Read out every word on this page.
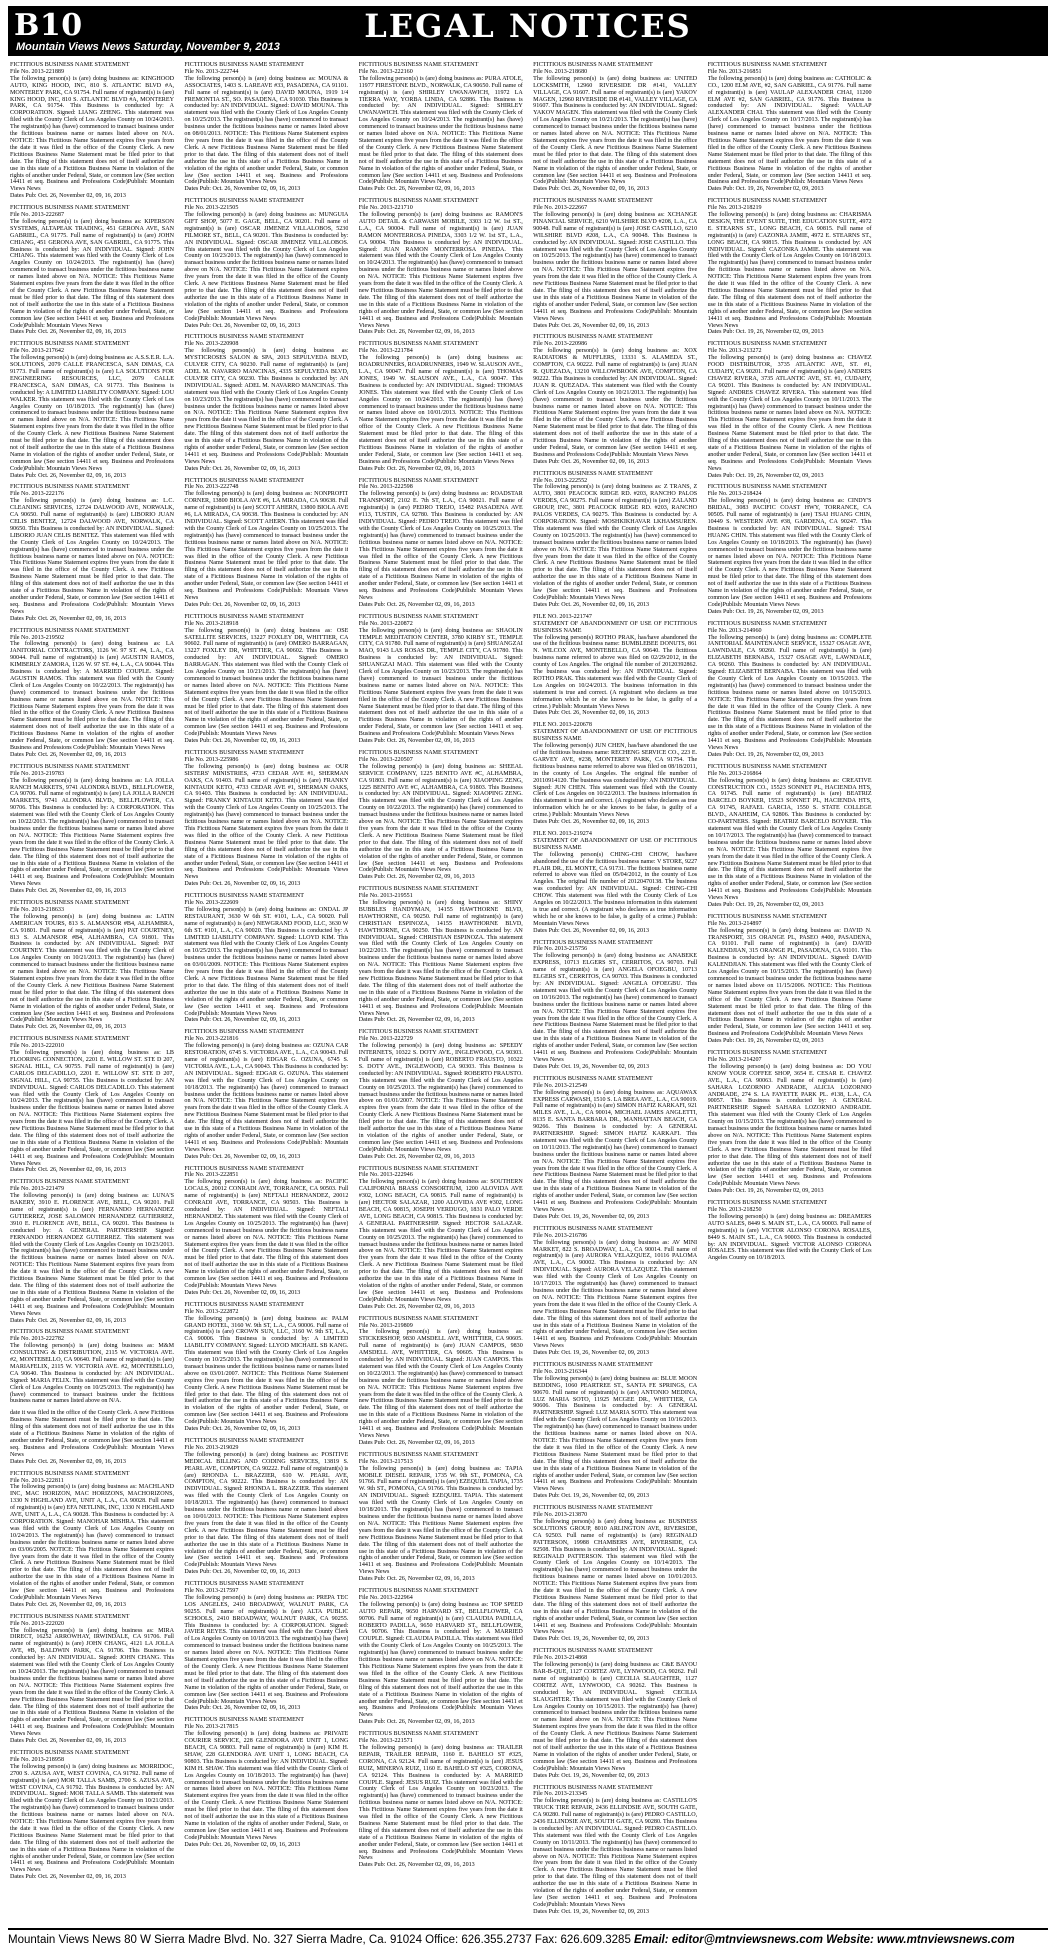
B10	LEGAL NOTICES
Mountain Views News Saturday, November 9, 2013

FICTITIOUS BUSINESS NAME STATEMENT

File No. 2013-221889

The following person(s) is (are) doing business as: KINGHOOD AUTO, KING HOOD, INC, 810 S. ATLANTIC BLVD #A, MONTEREY PARK, CA 91754. Full name of registrant(s) is (are) KING HOOD, INC, 810 S. ATLANTIC BLVD #A, MONTEREY PARK, CA 91754. This Business is conducted by: A CORPORATION. Signed: LIANG ZHENG. This statement was filed with the County Clerk of Los Angeles County on 10/24/2013. The registrant(s) has (have) commenced to transact business under the fictitious business name or names listed above on N/A. NOTICE: This Fictitious Name Statement expires five years from the date it was filed in the office of the County Clerk. A new Fictitious Business Name Statement must be filed prior to that date. The filing of this statement does not of itself authorize the use in this state of a Fictitious Business Name in violation of the rights of another under Federal, State, or common law (See section 14411 et seq. Business and Professions Code)Publish: Mountain Views News

Dates Pub: Oct. 26, November 02, 09, 16, 2013

FICTITIOUS BUSINESS NAME STATEMENT

File No. 2013-222687

The following person(s) is (are) doing business as: KIPERSON SYSTEMS, ALTAPEAK TRADING, 451 GERONA AVE, SAN GABRIEL, CA 91775. Full name of registrant(s) is (are) JOHN CHIANG, 451 GERONA AVE, SAN GABRIEL, CA 91775. This Business is conducted by: AN INDIVIDUAL. Signed: JOHN CHIANG. This statement was filed with the County Clerk of Los Angeles County on 10/24/2013. The registrant(s) has (have) commenced to transact business under the fictitious business name or names listed above on N/A. NOTICE: This Fictitious Name Statement expires five years from the date it was filed in the office of the County Clerk. A new Fictitious Business Name Statement must be filed prior to that date. The filing of this statement does not of itself authorize the use in this state of a Fictitious Business Name in violation of the rights of another under Federal, State, or common law (See section 14411 et seq. Business and Professions Code)Publish: Mountain Views News

Dates Pub: Oct. 26, November 02, 09, 16, 2013

FICTITIOUS BUSINESS NAME STATEMENT

File No. 2013-217642

The following person(s) is (are) doing business as: A.S.S.E.R. L.A. SOLUTIONS, 2079 CALLE FRANCESCA, SAN DIMAS, CA 91773. Full name of registrant(s) is (are) LA SOLUTIONS FOR ENGINEERING RESOURCES, LLC, 2079 CALLE FRANCESCA, SAN DIMAS, CA 91773. This Business is conducted by: A LIMITED LIABILITY COMPANY. Signed: LOU WALKER. This statement was filed with the County Clerk of Los Angeles County on 10/18/2013. The registrant(s) has (have) commenced to transact business under the fictitious business name or names listed above on N/A. NOTICE: This Fictitious Name Statement expires five years from the date it was filed in the office of the County Clerk. A new Fictitious Business Name Statement must be filed prior to that date. The filing of this statement does not of itself authorize the use in this state of a Fictitious Business Name in violation of the rights of another under Federal, State, or common law (See section 14411 et seq. Business and Professions Code)Publish: Mountain Views News

Dates Pub: Oct. 26, November 02, 09, 16, 2013

FICTITIOUS BUSINESS NAME STATEMENT

File No. 2013-222176

The following person(s) is (are) doing business as: L.C. CLEANING SERVICES, 12724 DALWOOD AVE, NORWALK, CA 90650. Full name of registrant(s) is (are) LIBORIO JUAN CELIS BENITEZ, 12724 DALWOOD AVE, NORWALK, CA 90650. This Business is conducted by: AN INDIVIDUAL. Signed: LIBORIO JUAN CELIS BENITEZ. This statement was filed with the County Clerk of Los Angeles County on 10/24/2013. The registrant(s) has (have) commenced to transact business under the fictitious business name or names listed above on N/A. NOTICE: This Fictitious Name Statement expires five years from the date it was filed in the office of the County Clerk. A new Fictitious Business Name Statement must be filed prior to that date. The filing of this statement does not of itself authorize the use in this state of a Fictitious Business Name in violation of the rights of another under Federal, State, or common law (See section 14411 et seq. Business and Professions Code)Publish: Mountain Views News

Dates Pub: Oct. 26, November 02, 09, 16, 2013

FICTITIOUS BUSINESS NAME STATEMENT

File No. 2013-219502

The following person(s) is (are) doing business as: LA JANITORIAL CONTRACTORS, 1126 W. 97 ST. #4, L.A., CA 90044. Full name of registrant(s) is (are) AGUSTIN RAMOS, KIMBERLY ZAMORA, 1126 W. 97 ST. #4, L.A., CA 90044. This Business is conducted by: A MARRIED COUPLE. Signed: AGUSTIN RAMOS. This statement was filed with the County Clerk of Los Angeles County on 10/22/2013. The registrant(s) has (have) commenced to transact business under the fictitious business name or names listed above on N/A. NOTICE: This Fictitious Name Statement expires five years from the date it was filed in the office of the County Clerk. A new Fictitious Business Name Statement must be filed prior to that date. The filing of this statement does not of itself authorize the use in this state of a Fictitious Business Name in violation of the rights of another under Federal, State, or common law (See section 14411 et seq. Business and Professions Code)Publish: Mountain Views News

Dates Pub: Oct. 26, November 02, 09, 16, 2013

FICTITIOUS BUSINESS NAME STATEMENT

File No. 2013-219783

The following person(s) is (are) doing business as: LA JOLLA RANCH MARKETS, 9741 ALONDRA BLVD., BELLFLOWER, CA 90706. Full name of registrant(s) is (are) LA JOLLA RANCH MARKETS, 9741 ALONDRA BLVD., BELLFLOWER, CA 90706. This Business is conducted by: A CORPORATION. This statement was filed with the County Clerk of Los Angeles County on 10/22/2013. The registrant(s) has (have) commenced to transact business under the fictitious business name or names listed above on N/A. NOTICE: This Fictitious Name Statement expires five years from the date it was filed in the office of the County Clerk. A new Fictitious Business Name Statement must be filed prior to that date. The filing of this statement does not of itself authorize the use in this state of a Fictitious Business Name in violation of the rights of another under Federal, State, or common law (See section 14411 et seq. Business and Professions Code)Publish: Mountain Views News

Dates Pub: Oct. 26, November 02, 09, 16, 2013

FICTITIOUS BUSINESS NAME STATEMENT

File No. 2013-218633

The following person(s) is (are) doing business as: LATIN AMERICAN TOURS, 813 S. ALMANSOR #B4, ALHAMBRA, CA 91801. Full name of registrant(s) is (are) PAT COURTNEY, 813 S. ALMANSOR #B4, ALHAMBRA, CA 91801. This Business is conducted by: AN INDIVIDUAL. Signed: PAT COURTNEY. This statement was filed with the County Clerk of Los Angeles County on 10/21/2013. The registrant(s) has (have) commenced to transact business under the fictitious business name or names listed above on N/A. NOTICE: This Fictitious Name Statement expires five years from the date it was filed in the office of the County Clerk. A new Fictitious Business Name Statement must be filed prior to that date. The filing of this statement does not of itself authorize the use in this state of a Fictitious Business Name in violation of the rights of another under Federal, State, or common law (See section 14411 et seq. Business and Professions Code)Publish: Mountain Views News

Dates Pub: Oct. 26, November 02, 09, 16, 2013

FICTITIOUS BUSINESS NAME STATEMENT

File No. 2013-222010

The following person(s) is (are) doing business as: LB FLOORING CONNECTION, 2201 E. WILLOW ST. STE D 207, SIGNAL HILL, CA 90755. Full name of registrant(s) is (are) CARLOS DELCADILLO, 2201 E. WILLOW ST. STE D 207, SIGNAL HILL, CA 90755. This Business is conducted by: AN INDIVIDUAL. Signed: CARLOS DELCADILLO. This statement was filed with the County Clerk of Los Angeles County on 10/24/2013. The registrant(s) has (have) commenced to transact business under the fictitious business name or names listed above on N/A. NOTICE: This Fictitious Name Statement expires five years from the date it was filed in the office of the County Clerk. A new Fictitious Business Name Statement must be filed prior to that date. The filing of this statement does not of itself authorize the use in this state of a Fictitious Business Name in violation of the rights of another under Federal, State, or common law (See section 14411 et seq. Business and Professions Code)Publish: Mountain Views News

Dates Pub: Oct. 26, November 02, 09, 16, 2013

FICTITIOUS BUSINESS NAME STATEMENT

File No. 2013-221479

The following person(s) is (are) doing business as: LUNA'S BAKERY, 3910 E. FLORENCE AVE, BELL, CA 90201. Full name of registrant(s) is (are) FERNANDO HERNANDEZ GUTIERREZ, JOSE SALOMON HERNANDEZ GUTIERREZ, 3910 E. FLORENCE AVE, BELL, CA 90201. This Business is conducted by: A GENERAL PARTNERSHIP. Signed: FERNANDO HERNANDEZ GUTIERREZ. This statement was filed with the County Clerk of Los Angeles County on 10/23/2013. The registrant(s) has (have) commenced to transact business under the fictitious business name or names listed above on N/A. NOTICE: This Fictitious Name Statement expires five years from the date it was filed in the office of the County Clerk. A new Fictitious Business Name Statement must be filed prior to that date. The filing of this statement does not of itself authorize the use in this state of a Fictitious Business Name in violation of the rights of another under Federal, State, or common law (See section 14411 et seq. Business and Professions Code)Publish: Mountain Views News

Dates Pub: Oct. 26, November 02, 09, 16, 2013

FICTITIOUS BUSINESS NAME STATEMENT

File No. 2013-222782

The following person(s) is (are) doing business as: M&M CONSULTING & DISTRIBUTION, 2115 W. VICTORIA AVE. #2, MONTEBELLO, CA 90640. Full name of registrant(s) is (are) MARIAFELIX, 2115 W. VICTORIA AVE. #2, MONTEBELLO, CA 90640. This Business is conducted by: AN INDIVIDUAL. Signed: MARIA FELIX. This statement was filed with the County Clerk of Los Angeles County on 10/25/2013. The registrant(s) has (have) commenced to transact business under the fictitious business name or names listed above on N/A.

date it was filed in the office of the County Clerk. A new Fictitious Business Name Statement must be filed prior to that date. The filing of this statement does not of itself authorize the use in this state of a Fictitious Business Name in violation of the rights of another under Federal, State, or common law (See section 14411 et seq. Business and Professions Code)Publish: Mountain Views News

Dates Pub: Oct. 26, November 02, 09, 16, 2013

FICTITIOUS BUSINESS NAME STATEMENT

File No. 2013-222811

The following person(s) is (are) doing business as: MACHLAND INC, MAC HORIZON, MAC HORIZONS, MACHORIZONS, 1330 N HIGHLAND AVE, UNIT A, L.A., CA 90028. Full name of registrant(s) is (are) EFA NETLINK, INC, 1330 N HIGHLAND AVE, UNIT A, L.A., CA 90028. This Business is conducted by: A CORPORATION. Signed: MANOHAR MISHRA. This statement was filed with the County Clerk of Los Angeles County on 10/24/2013. The registrant(s) has (have) commenced to transact business under the fictitious business name or names listed above on 03/06/2005. NOTICE: This Fictitious Name Statement expires five years from the date it was filed in the office of the County Clerk. A new Fictitious Business Name Statement must be filed prior to that date. The filing of this statement does not of itself authorize the use in this state of a Fictitious Business Name in violation of the rights of another under Federal, State, or common law (See section 14411 et seq. Business and Professions Code)Publish: Mountain Views News

Dates Pub: Oct. 26, November 02, 09, 16, 2013

FICTITIOUS BUSINESS NAME STATEMENT

File No. 2013-222020

The following person(s) is (are) doing business as: MIRA DIRECT, 16252 ARROWHAY, IRWINDALE, CA 91706. Full name of registrant(s) is (are) JOHN CHANG, 4121 LA JOLLA AVE, #B, BALDWIN PARK, CA 91706. This Business is conducted by: AN INDIVIDUAL. Signed: JOHN CHANG. This statement was filed with the County Clerk of Los Angeles County on 10/24/2013. The registrant(s) has (have) commenced to transact business under the fictitious business name or names listed above on N/A. NOTICE: This Fictitious Name Statement expires five years from the date it was filed in the office of the County Clerk. A new Fictitious Business Name Statement must be filed prior to that date. The filing of this statement does not of itself authorize the use in this state of a Fictitious Business Name in violation of the rights of another under Federal, State, or common law (See section 14411 et seq. Business and Professions Code)Publish: Mountain Views News

Dates Pub: Oct. 26, November 02, 09, 16, 2013

FICTITIOUS BUSINESS NAME STATEMENT

File No. 2013-218958

The following person(s) is (are) doing business as: MORRIDOC, 2700 S. AZUSA AVE, WEST COVINA, CA 91792. Full name of registrant(s) is (are) MOR TALLA SAMB, 2700 S. AZUSA AVE, WEST COVINA, CA 91792. This Business is conducted by: AN INDIVIDUAL. Signed: MOR TALLA SAMB. This statement was filed with the County Clerk of Los Angeles County on 10/21/2013. The registrant(s) has (have) commenced to transact business under the fictitious business name or names listed above on N/A. NOTICE: This Fictitious Name Statement expires five years from the date it was filed in the office of the County Clerk. A new Fictitious Business Name Statement must be filed prior to that date. The filing of this statement does not of itself authorize the use in this state of a Fictitious Business Name in violation of the rights of another under Federal, State, or common law (See section 14411 et seq. Business and Professions Code)Publish: Mountain Views News

Dates Pub: Oct. 26, November 02, 09, 16, 2013

FICTITIOUS BUSINESS NAME STATEMENT

File No. 2013-222744

The following person(s) is (are) doing business as: MOUNA & ASSOCIATES, 1403 S. LAREAVE #33, PASADENA, CA 91101. Full name of registrant(s) is (are) DAVID MOUNA, 1919 1/4 FREMONTIA ST., SO. PASADENA, CA 91030. This Business is conducted by: AN INDIVIDUAL. Signed: DAVID MOUNA. This statement was filed with the County Clerk of Los Angeles County on 10/25/2013. The registrant(s) has (have) commenced to transact business under the fictitious business name or names listed above on 08/01/2013. NOTICE: This Fictitious Name Statement expires five years from the date it was filed in the office of the County Clerk. A new Fictitious Business Name Statement must be filed prior to that date. The filing of this statement does not of itself authorize the use in this state of a Fictitious Business Name in violation of the rights of another under Federal, State, or common law (See section 14411 et seq. Business and Professions Code)Publish: Mountain Views News

Dates Pub: Oct. 26, November 02, 09, 16, 2013

FICTITIOUS BUSINESS NAME STATEMENT

File No. 2013-221505

The following person(s) is (are) doing business as: MUNGUIA GIFT SHOP, 5077 E. GAGE, BELL, CA 90201. Full name of registrant(s) is (are) OSCAR JIMENEZ VILLALOBOS, 5230 FILMORE ST., BELL, CA 90201. This Business is conducted by: AN INDIVIDUAL. Signed: OSCAR JIMENEZ VILLALOBOS. This statement was filed with the County Clerk of Los Angeles County on 10/23/2013. The registrant(s) has (have) commenced to transact business under the fictitious business name or names listed above on N/A. NOTICE: This Fictitious Name Statement expires five years from the date it was filed in the office of the County Clerk. A new Fictitious Business Name Statement must be filed prior to that date. The filing of this statement does not of itself authorize the use in this state of a Fictitious Business Name in violation of the rights of another under Federal, State, or common law (See section 14411 et seq. Business and Professions Code)Publish: Mountain Views News

Dates Pub: Oct. 26, November 02, 09, 16, 2013

FICTITIOUS BUSINESS NAME STATEMENT

File No. 2013-220908

The following person(s) is (are) doing business as: MYSTICROSES SALON & SPA, 2013 SEPULVEDA BLVD, CULVER CITY, CA 90230. Full name of registrant(s) is (are) ADEL M. NAVARRO MANCINAS, 4335 SEPULVEDA BLVD, CULVER CITY, CA 90230. This Business is conducted by: AN INDIVIDUAL. Signed: ADEL M. NAVARRO MANCINAS. This statement was filed with the County Clerk of Los Angeles County on 10/23/2013. The registrant(s) has (have) commenced to transact business under the fictitious business name or names listed above on N/A. NOTICE: This Fictitious Name Statement expires five years from the date it was filed in the office of the County Clerk. A new Fictitious Business Name Statement must be filed prior to that date. The filing of this statement does not of itself authorize the use in this state of a Fictitious Business Name in violation of the rights of another under Federal, State, or common law (See section 14411 et seq. Business and Professions Code)Publish: Mountain Views News

Dates Pub: Oct. 26, November 02, 09, 16, 2013

FICTITIOUS BUSINESS NAME STATEMENT

File No. 2013-222748

The following person(s) is (are) doing business as: NONPROFIT CORNER, 13800 BIOLA AVE #6, LA MIRADA, CA 90638. Full name of registrant(s) is (are) SCOTT AHERN, 13800 BIOLA AVE #6, LA MIRADA, CA 90638. This Business is conducted by: AN INDIVIDUAL. Signed: SCOTT AHERN. This statement was filed with the County Clerk of Los Angeles County on 10/25/2013. The registrant(s) has (have) commenced to transact business under the fictitious business name or names listed above on N/A. NOTICE: This Fictitious Name Statement expires five years from the date it was filed in the office of the County Clerk. A new Fictitious Business Name Statement must be filed prior to that date. The filing of this statement does not of itself authorize the use in this state of a Fictitious Business Name in violation of the rights of another under Federal, State, or common law (See section 14411 et seq. Business and Professions Code)Publish: Mountain Views News

Dates Pub: Oct. 26, November 02, 09, 16, 2013

FICTITIOUS BUSINESS NAME STATEMENT

File No. 2013-218918

The following person(s) is (are) doing business as: OSE SATELLITE SERVICES, 13227 FOXLEY DR, WHITTIER, CA 90602. Full name of registrant(s) is (are) OMERO BARRAGAN, 13227 FOXLEY DR, WHITTIER, CA 90602. This Business is conducted by: AN INDIVIDUAL. Signed: OMERO BARRAGAN. This statement was filed with the County Clerk of Los Angeles County on 10/21/2013. The registrant(s) has (have) commenced to transact business under the fictitious business name or names listed above on N/A. NOTICE: This Fictitious Name Statement expires five years from the date it was filed in the office of the County Clerk. A new Fictitious Business Name Statement must be filed prior to that date. The filing of this statement does not of itself authorize the use in this state of a Fictitious Business Name in violation of the rights of another under Federal, State, or common law (See section 14411 et seq. Business and Professions Code)Publish: Mountain Views News

Dates Pub: Oct. 26, November 02, 09, 16, 2013

FICTITIOUS BUSINESS NAME STATEMENT

File No. 2013-225986

The following person(s) is (are) doing business as: OUR SISTERS' MINISTRIES, 4733 CEDAR AVE #1, SHERMAN OAKS, CA 91403. Full name of registrant(s) is (are) FRANKY KINTAUDI KETO, 4733 CEDAR AVE #1, SHERMAN OAKS, CA 91403. This Business is conducted by: AN INDIVIDUAL. Signed: FRANKY KINTAUDI KETO. This statement was filed with the County Clerk of Los Angeles County on 10/25/2013. The registrant(s) has (have) commenced to transact business under the fictitious business name or names listed above on N/A. NOTICE: This Fictitious Name Statement expires five years from the date it was filed in the office of the County Clerk. A new Fictitious Business Name Statement must be filed prior to that date. The filing of this statement does not of itself authorize the use in this state of a Fictitious Business Name in violation of the rights of another under Federal, State, or common law (See section 14411 et seq. Business and Professions Code)Publish: Mountain Views News

Dates Pub: Oct. 26, November 02, 09, 16, 2013

FICTITIOUS BUSINESS NAME STATEMENT

File No. 2013-222609

The following person(s) is (are) doing business as: ONDAL JP RESTAURANT, 3630 W 6th ST. #101, L.A., CA 90020. Full name of registrant(s) is (are) NEWGRAND FOOD, LLC, 3630 W 6th ST. #101, L.A., CA 90020. This Business is conducted by: A LIMITED LIABILITY COMPANY. Signed: LLOYD KIM. This statement was filed with the County Clerk of Los Angeles County on 10/25/2013. The registrant(s) has (have) commenced to transact business under the fictitious business name or names listed above on 03/01/2009. NOTICE: This Fictitious Name Statement expires five years from the date it was filed in the office of the County Clerk. A new Fictitious Business Name Statement must be filed prior to that date. The filing of this statement does not of itself authorize the use in this state of a Fictitious Business Name in violation of the rights of another under Federal, State, or common law (See section 14411 et seq. Business and Professions Code)Publish: Mountain Views News

Dates Pub: Oct. 26, November 02, 09, 16, 2013

FICTITIOUS BUSINESS NAME STATEMENT

File No. 2013-221816

The following person(s) is (are) doing business as: OZUNA CAR RESTORATION, 6745 S. VICTORIA AVE., L.A., CA 90043. Full name of registrant(s) is (are) EDGAR G. OZUNA, 6745 S. VICTORIA AVE., L.A., CA 90043. This Business is conducted by: AN INDIVIDUAL. Signed: EDGAR G. OZUNA. This statement was filed with the County Clerk of Los Angeles County on 10/18/2013. The registrant(s) has (have) commenced to transact business under the fictitious business name or names listed above on N/A. NOTICE: This Fictitious Name Statement expires five years from the date it was filed in the office of the County Clerk. A new Fictitious Business Name Statement must be filed prior to that date. The filing of this statement does not of itself authorize the use in this state of a Fictitious Business Name in violation of the rights of another under Federal, State, or common law (See section 14411 et seq. Business and Professions Code)Publish: Mountain Views News

Dates Pub: Oct. 26, November 02, 09, 16, 2013

FICTITIOUS BUSINESS NAME STATEMENT

File No. 2013-222851

The following person(s) is (are) doing business as: PACIFIC LOCALS, 20012 CONRADI AVE, TORRANCE, CA 90503. Full name of registrant(s) is (are) NEFTALI HERNANDEZ, 20012 CONRADI AVE, TORRANCE, CA 90503. This Business is conducted by: AN INDIVIDUAL. Signed: NEFTALI HERNANDEZ. This statement was filed with the County Clerk of Los Angeles County on 10/25/2013. The registrant(s) has (have) commenced to transact business under the fictitious business name or names listed above on N/A. NOTICE: This Fictitious Name Statement expires five years from the date it was filed in the office of the County Clerk. A new Fictitious Business Name Statement must be filed prior to that date. The filing of this statement does not of itself authorize the use in this state of a Fictitious Business Name in violation of the rights of another under Federal, State, or common law (See section 14411 et seq. Business and Professions Code)Publish: Mountain Views News

Dates Pub: Oct. 26, November 02, 09, 16, 2013

FICTITIOUS BUSINESS NAME STATEMENT

File No. 2013-222872

The following person(s) is (are) doing business as: PALM GRAND HOTEL, 3160 W. 9th ST, L.A., CA 90006. Full name of registrant(s) is (are) CROWN SUN, LLC, 3160 W. 9th ST, L.A., CA 90006. This Business is conducted by: A LIMITED LIABILITY COMPANY. Signed: LLYOD MICHAEL SB KANG. This statement was filed with the County Clerk of Los Angeles County on 10/25/2013. The registrant(s) has (have) commenced to transact business under the fictitious business name or names listed above on 03/01/2007. NOTICE: This Fictitious Name Statement expires five years from the date it was filed in the office of the County Clerk. A new Fictitious Business Name Statement must be filed prior to that date. The filing of this statement does not of itself authorize the use in this state of a Fictitious Business Name in violation of the rights of another under Federal, State, or common law (See section 14411 et seq. Business and Professions Code)Publish: Mountain Views News

Dates Pub: Oct. 26, November 02, 09, 16, 2013

FICTITIOUS BUSINESS NAME STATEMENT

File No. 2013-219029

The following person(s) is (are) doing business as: POSITIVE MEDICAL BILLING AND CODING SERVICES, 13819 S. PEARL AVE, COMPTON, CA 90222. Full name of registrant(s) is (are) RHONDA L. BRAZZIER, 610 W. PEARL AVE, COMPTON, CA 90222. This Business is conducted by: AN INDIVIDUAL. Signed: RHONDA L. BRAZZIER. This statement was filed with the County Clerk of Los Angeles County on 10/18/2013. The registrant(s) has (have) commenced to transact business under the fictitious business name or names listed above on 10/01/2013. NOTICE: This Fictitious Name Statement expires five years from the date it was filed in the office of the County Clerk. A new Fictitious Business Name Statement must be filed prior to that date. The filing of this statement does not of itself authorize the use in this state of a Fictitious Business Name in violation of the rights of another under Federal, State, or common law (See section 14411 et seq. Business and Professions Code)Publish: Mountain Views News

Dates Pub: Oct. 26, November 02, 09, 16, 2013

FICTITIOUS BUSINESS NAME STATEMENT

File No. 2013-217597

The following person(s) is (are) doing business as: PREPA TEC LOS ANGELES, 2410 BROADWAY, WALNUT PARK, CA 90255. Full name of registrant(s) is (are) ALTA PUBLIC SCHOOLS, 2410 BROADWAY, WALNUT PARK, CA 90255. This Business is conducted by: A CORPORATION. Signed: JAVIER REYES. This statement was filed with the County Clerk of Los Angeles County on 10/18/2013. The registrant(s) has (have) commenced to transact business under the fictitious business name or names listed above on N/A. NOTICE: This Fictitious Name Statement expires five years from the date it was filed in the office of the County Clerk. A new Fictitious Business Name Statement must be filed prior to that date. The filing of this statement does not of itself authorize the use in this state of a Fictitious Business Name in violation of the rights of another under Federal, State, or common law (See section 14411 et seq. Business and Professions Code)Publish: Mountain Views News

Dates Pub: Oct. 26, November 02, 09, 16, 2013

FICTITIOUS BUSINESS NAME STATEMENT

File No. 2013-217815

The following person(s) is (are) doing business as: PRIVATE COURIER SERVICE, 228 GLENDORA AVE UNIT 1, LONG BEACH, CA 90803. Full name of registrant(s) is (are) KIM H. SHAW, 228 GLENDORA AVE UNIT 1, LONG BEACH, CA 90803. This Business is conducted by: AN INDIVIDUAL. Signed: KIM H. SHAW. This statement was filed with the County Clerk of Los Angeles County on 10/18/2013. The registrant(s) has (have) commenced to transact business under the fictitious business name or names listed above on N/A. NOTICE: This Fictitious Name Statement expires five years from the date it was filed in the office of the County Clerk. A new Fictitious Business Name Statement must be filed prior to that date. The filing of this statement does not of itself authorize the use in this state of a Fictitious Business Name in violation of the rights of another under Federal, State, or common law (See section 14411 et seq. Business and Professions Code)Publish: Mountain Views News

Dates Pub: Oct. 26, November 02, 09, 16, 2013

FICTITIOUS BUSINESS NAME STATEMENT

File No. 2013-222160

The following person(s) is (are) doing business as: PURA ATOLE, 11977 FIRESTONE BLVD., NORWALK, CA 90650. Full name of registrant(s) is (are) SHIRLEY UWANAWICH, 11972 LA TIERRA WAY, YORBA LINDA, CA 92886. This Business is conducted by: AN INDIVIDUAL. Signed: SHIRLEY UWANAWICH. This statement was filed with the County Clerk of Los Angeles County on 10/24/2013. The registrant(s) has (have) commenced to transact business under the fictitious business name or names listed above on N/A. NOTICE: This Fictitious Name Statement expires five years from the date it was filed in the office of the County Clerk. A new Fictitious Business Name Statement must be filed prior to that date. The filing of this statement does not of itself authorize the use in this state of a Fictitious Business Name in violation of the rights of another under Federal, State, or common law (See section 14411 et seq. Business and Professions Code)Publish: Mountain Views News

Dates Pub: Oct. 26, November 02, 09, 16, 2013

FICTITIOUS BUSINESS NAME STATEMENT

File No. 2013-221710

The following person(s) is (are) doing business as: RAMON'S AUTO DETAIL & CARWASH MOBILE, 3303 1/2 W. 1st ST., L.A., CA 90004. Full name of registrant(s) is (are) JUAN RAMON MONTERROSA PINEDA, 3303 1/2 W. 1st ST., L.A., CA 90004. This Business is conducted by: AN INDIVIDUAL. Signed: JUAN RAMON MONTERROSA PINEDA. This statement was filed with the County Clerk of Los Angeles County on 10/24/2013. The registrant(s) has (have) commenced to transact business under the fictitious business name or names listed above on N/A. NOTICE: This Fictitious Name Statement expires five years from the date it was filed in the office of the County Clerk. A new Fictitious Business Name Statement must be filed prior to that date. The filing of this statement does not of itself authorize the use in this state of a Fictitious Business Name in violation of the rights of another under Federal, State, or common law (See section 14411 et seq. Business and Professions Code)Publish: Mountain Views News

Dates Pub: Oct. 26, November 02, 09, 16, 2013

FICTITIOUS BUSINESS NAME STATEMENT

File No. 2013-221784

The following person(s) is (are) doing business as: ROADRUNNERS, ROADRUNNERS, 1949 W. SLAUSON AVE., L.A., CA 90047. Full name of registrant(s) is (are) THOMAS JONES, 1949 W. SLAUSON AVE., L.A., CA 90047. This Business is conducted by: AN INDIVIDUAL. Signed: THOMAS JONES. This statement was filed with the County Clerk of Los Angeles County on 10/24/2013. The registrant(s) has (have) commenced to transact business under the fictitious business name or names listed above on 10/01/2013. NOTICE: This Fictitious Name Statement expires five years from the date it was filed in the office of the County Clerk. A new Fictitious Business Name Statement must be filed prior to that date. The filing of this statement does not of itself authorize the use in this state of a Fictitious Business Name in violation of the rights of another under Federal, State, or common law (See section 14411 et seq. Business and Professions Code)Publish: Mountain Views News

Dates Pub: Oct. 26, November 02, 09, 16, 2013

FICTITIOUS BUSINESS NAME STATEMENT

File No. 2013-222598

The following person(s) is (are) doing business as: ROADSTAR TRANSPORT, 2102 E. 7th ST, L.A., CA 90021. Full name of registrant(s) is (are) PEDRO TREJO, 15482 PASADENA AVE #113, TUSTIN, CA 92780. This Business is conducted by: AN INDIVIDUAL. Signed: PEDRO TREJO. This statement was filed with the County Clerk of Los Angeles County on 10/25/2013. The registrant(s) has (have) commenced to transact business under the fictitious business name or names listed above on N/A. NOTICE: This Fictitious Name Statement expires five years from the date it was filed in the office of the County Clerk. A new Fictitious Business Name Statement must be filed prior to that date. The filing of this statement does not of itself authorize the use in this state of a Fictitious Business Name in violation of the rights of another under Federal, State, or common law (See section 14411 et seq. Business and Professions Code)Publish: Mountain Views News

Dates Pub: Oct. 26, November 02, 09, 16, 2013

FICTITIOUS BUSINESS NAME STATEMENT

File No. 2013-220872

The following person(s) is (are) doing business as: SHAOLIN TEMPLE MEDITATION CENTER, 3780 KIRBY ST., TEMPLE CITY, CA 91780. Full name of registrant(s) is (are) SHUANGZAI MAO, 9143 LAS ROSAS DR., TEMPLE CITY, CA 91780. This Business is conducted by: AN INDIVIDUAL. Signed: SHUANGZAI MAO. This statement was filed with the County Clerk of Los Angeles County on 10/23/2013. The registrant(s) has (have) commenced to transact business under the fictitious business name or names listed above on N/A. NOTICE: This Fictitious Name Statement expires five years from the date it was filed in the office of the County Clerk. A new Fictitious Business Name Statement must be filed prior to that date. The filing of this statement does not of itself authorize the use in this state of a Fictitious Business Name in violation of the rights of another under Federal, State, or common law (See section 14411 et seq. Business and Professions Code)Publish: Mountain Views News

Dates Pub: Oct. 26, November 02, 09, 16, 2013

FICTITIOUS BUSINESS NAME STATEMENT

File No. 2013-220507

The following person(s) is (are) doing business as: SHEEAL SERVICE COMPANY, 1225 BENITO AVE #C, ALHAMBRA, CA 91803. Full name of registrant(s) is (are) XIAOPING ZENG, 1225 BENITO AVE #C, ALHAMBRA, CA 91803. This Business is conducted by: AN INDIVIDUAL. Signed: XIAOPING ZENG. This statement was filed with the County Clerk of Los Angeles County on 10/22/2013. The registrant(s) has (have) commenced to transact business under the fictitious business name or names listed above on N/A. NOTICE: This Fictitious Name Statement expires five years from the date it was filed in the office of the County Clerk. A new Fictitious Business Name Statement must be filed prior to that date. The filing of this statement does not of itself authorize the use in this state of a Fictitious Business Name in violation of the rights of another under Federal, State, or common law (See section 14411 et seq. Business and Professions Code)Publish: Mountain Views News

Dates Pub: Oct. 26, November 02, 09, 16, 2013

FICTITIOUS BUSINESS NAME STATEMENT

File No. 2013-219551

The following person(s) is (are) doing business as: SHINY BUBBLES HANDYMAN, 14155 HAWTHORNE BLVD, HAWTHORNE, CA 90250. Full name of registrant(s) is (are) CHRISTIAN ESPINOZA, 14155 HAWTHORNE BLVD, HAWTHORNE, CA 90250. This Business is conducted by: AN INDIVIDUAL. Signed: CHRISTIAN ESPINOZA. This statement was filed with the County Clerk of Los Angeles County on 10/22/2013. The registrant(s) has (have) commenced to transact business under the fictitious business name or names listed above on N/A. NOTICE: This Fictitious Name Statement expires five years from the date it was filed in the office of the County Clerk. A new Fictitious Business Name Statement must be filed prior to that date. The filing of this statement does not of itself authorize the use in this state of a Fictitious Business Name in violation of the rights of another under Federal, State, or common law (See section 14411 et seq. Business and Professions Code)Publish: Mountain Views News

Dates Pub: Oct. 26, November 02, 09, 16, 2013

FICTITIOUS BUSINESS NAME STATEMENT

File No. 2013-222729

The following person(s) is (are) doing business as: SPEEDY INTERNETS, 10322 S. DOTY AVE., INGLEWOOD, CA 90303. Full name of registrant(s) is (are) ROBERTO FRAUSTO, 10322 S. DOTY AVE., INGLEWOOD, CA 90303. This Business is conducted by: AN INDIVIDUAL. Signed: ROBERTO FRAUSTO. This statement was filed with the County Clerk of Los Angeles County on 10/25/2013. The registrant(s) has (have) commenced to transact business under the fictitious business name or names listed above on 01/01/2007. NOTICE: This Fictitious Name Statement expires five years from the date it was filed in the office of the County Clerk. A new Fictitious Business Name Statement must be filed prior to that date. The filing of this statement does not of itself authorize the use in this state of a Fictitious Business Name in violation of the rights of another under Federal, State, or common law (See section 14411 et seq. Business and Professions Code)Publish: Mountain Views News

Dates Pub: Oct. 26, November 02, 09, 16, 2013

FICTITIOUS BUSINESS NAME STATEMENT

File No. 2013-222946

The following person(s) is (are) doing business as: SOUTHERN CALIFORNIA BRASS CONSORTIUM, 1200 ALOVIDA AVE #302, LONG BEACH, CA 90815. Full name of registrant(s) is (are) HECTOR SALAZAR, 1200 ALOVIDA AVE #302, LONG BEACH, CA 90815, JOSEPH VERDUGO, 1831 PALO VERDE AVE, LONG BEACH, CA 90815. This Business is conducted by: A GENERAL PARTNERSHIP. Signed: HECTOR SALAZAR. This statement was filed with the County Clerk of Los Angeles County on 10/25/2013. The registrant(s) has (have) commenced to transact business under the fictitious business name or names listed above on N/A. NOTICE: This Fictitious Name Statement expires five years from the date it was filed in the office of the County Clerk. A new Fictitious Business Name Statement must be filed prior to that date. The filing of this statement does not of itself authorize the use in this state of a Fictitious Business Name in violation of the rights of another under Federal, State, or common law (See section 14411 et seq. Business and Professions Code)Publish: Mountain Views News

Dates Pub: Oct. 26, November 02, 09, 16, 2013

FICTITIOUS BUSINESS NAME STATEMENT

File No. 2013-219809

The following person(s) is (are) doing business as: STICKERSHOP, 9830 AMSDELL AVE, WHITTIER, CA 90605. Full name of registrant(s) is (are) JUAN CAMPOS, 9830 AMSDELL AVE, WHITTIER, CA 90605. This Business is conducted by: AN INDIVIDUAL. Signed: JUAN CAMPOS. This statement was filed with the County Clerk of Los Angeles County on 10/22/2013. The registrant(s) has (have) commenced to transact business under the fictitious business name or names listed above on N/A. NOTICE: This Fictitious Name Statement expires five years from the date it was filed in the office of the County Clerk. A new Fictitious Business Name Statement must be filed prior to that date. The filing of this statement does not of itself authorize the use in this state of a Fictitious Business Name in violation of the rights of another under Federal, State, or common law (See section 14411 et seq. Business and Professions Code)Publish: Mountain Views News

Dates Pub: Oct. 26, November 02, 09, 16, 2013

FICTITIOUS BUSINESS NAME STATEMENT

File No. 2013-217513

The following person(s) is (are) doing business as: TAPIA MOBILE DIESEL REPAIR, 1735 W. 9th ST., POMONA, CA 91766. Full name of registrant(s) is (are) EZEQUIEL TAPIA, 1735 W. 9th ST., POMONA, CA 91766. This Business is conducted by: AN INDIVIDUAL. Signed: EZEQUIEL TAPIA. This statement was filed with the County Clerk of Los Angeles County on 10/18/2013. The registrant(s) has (have) commenced to transact business under the fictitious business name or names listed above on N/A. NOTICE: This Fictitious Name Statement expires five years from the date it was filed in the office of the County Clerk. A new Fictitious Business Name Statement must be filed prior to that date. The filing of this statement does not of itself authorize the use in this state of a Fictitious Business Name in violation of the rights of another under Federal, State, or common law (See section 14411 et seq. Business and Professions Code)Publish: Mountain Views News

Dates Pub: Oct. 26, November 02, 09, 16, 2013

FICTITIOUS BUSINESS NAME STATEMENT

File No. 2013-222964

The following person(s) is (are) doing business as: TOP SPEED AUTO REPAIR, 9650 HARVARD ST., BELLFLOWER, CA 90706. Full name of registrant(s) is (are) CLAUDIA PADILLA, ROBERTO PADILLA, 9650 HARVARD ST., BELLFLOWER, CA 90706. This Business is conducted by: A MARRIED COUPLE. Signed: CLAUDIA PADILLA. This statement was filed with the County Clerk of Los Angeles County on 10/25/2013. The registrant(s) has (have) commenced to transact business under the fictitious business name or names listed above on N/A. NOTICE: This Fictitious Name Statement expires five years from the date it was filed in the office of the County Clerk. A new Fictitious Business Name Statement must be filed prior to that date. The filing of this statement does not of itself authorize the use in this state of a Fictitious Business Name in violation of the rights of another under Federal, State, or common law (See section 14411 et seq. Business and Professions Code)Publish: Mountain Views News

Dates Pub: Oct. 26, November 02, 09, 16, 2013

FICTITIOUS BUSINESS NAME STATEMENT

File No. 2013-221571

The following person(s) is (are) doing business as: TRAILER REPAIR, TRAILER REPAIR, 1160 E. BAHELO ST #325, CORONA, CA 92124. Full name of registrant(s) is (are) JESUS RUIZ, MINERVA RUIZ, 1160 E. BAHELO ST #325, CORONA, CA 92124. This Business is conducted by: A MARRIED COUPLE. Signed: JESUS RUIZ. This statement was filed with the County Clerk of Los Angeles County on 10/23/2013. The registrant(s) has (have) commenced to transact business under the fictitious business name or names listed above on N/A. NOTICE: This Fictitious Name Statement expires five years from the date it was filed in the office of the County Clerk. A new Fictitious Business Name Statement must be filed prior to that date. The filing of this statement does not of itself authorize the use in this state of a Fictitious Business Name in violation of the rights of another under Federal, State, or common law (See section 14411 et seq. Business and Professions Code)Publish: Mountain Views News

Dates Pub: Oct. 26, November 02, 09, 16, 2013

FICTITIOUS BUSINESS NAME STATEMENT

File No. 2013-218680

The following person(s) is (are) doing business as: UNITED LOCKSMITH, 12960 RIVERSIDE DR #141, VALLEY VILLAGE, CA 91607. Full name of registrant(s) is (are) YAKOV MAGEN, 12960 RIVERSIDE DR #141, VALLEY VILLAGE, CA 91607. This Business is conducted by: AN INDIVIDUAL. Signed: YAKOV MAGEN. This statement was filed with the County Clerk of Los Angeles County on 10/21/2013. The registrant(s) has (have) commenced to transact business under the fictitious business name or names listed above on N/A. NOTICE: This Fictitious Name Statement expires five years from the date it was filed in the office of the County Clerk. A new Fictitious Business Name Statement must be filed prior to that date. The filing of this statement does not of itself authorize the use in this state of a Fictitious Business Name in violation of the rights of another under Federal, State, or common law (See section 14411 et seq. Business and Professions Code)Publish: Mountain Views News

Dates Pub: Oct. 26, November 02, 09, 16, 2013

FICTITIOUS BUSINESS NAME STATEMENT

File No. 2013-222667

The following person(s) is (are) doing business as: XCHANGE FINANCIAL SERVICE, 6210 WILSHIRE BLVD #208, L.A., CA 90048. Full name of registrant(s) is (are) JOSE CASTILLO, 6210 WILSHIRE BLVD #208, L.A., CA 90048. This Business is conducted by: AN INDIVIDUAL. Signed: JOSE CASTILLO. This statement was filed with the County Clerk of Los Angeles County on 10/25/2013. The registrant(s) has (have) commenced to transact business under the fictitious business name or names listed above on N/A. NOTICE: This Fictitious Name Statement expires five years from the date it was filed in the office of the County Clerk. A new Fictitious Business Name Statement must be filed prior to that date. The filing of this statement does not of itself authorize the use in this state of a Fictitious Business Name in violation of the rights of another under Federal, State, or common law (See section 14411 et seq. Business and Professions Code)Publish: Mountain Views News

Dates Pub: Oct. 26, November 02, 09, 16, 2013

FICTITIOUS BUSINESS NAME STATEMENT

File No. 2013-220986

The following person(s) is (are) doing business as: XOX RADIATORS & MUFFLERS, 13331 S. ALAMEDA ST., COMPTON, CA 90222. Full name of registrant(s) is (are) JUAN R. QUEZADA, 13210 WILLOWBROOK AVE, COMPTON, CA 90222. This Business is conducted by: AN INDIVIDUAL. Signed: JUAN R. QUEZADA. This statement was filed with the County Clerk of Los Angeles County on 10/21/2013. The registrant(s) has (have) commenced to transact business under the fictitious business name or names listed above on N/A. NOTICE: This Fictitious Name Statement expires five years from the date it was filed in the office of the County Clerk. A new Fictitious Business Name Statement must be filed prior to that date. The filing of this statement does not of itself authorize the use in this state of a Fictitious Business Name in violation of the rights of another under Federal, State, or common law (See section 14411 et seq. Business and Professions Code)Publish: Mountain Views News

Dates Pub: Oct. 26, November 02, 09, 16, 2013

FICTITIOUS BUSINESS NAME STATEMENT

File No. 2013-222552

The following person(s) is (are) doing business as: Z TRANS, Z AUTO, 3801 PEACOCK RIDGE RD. #203, RANCHO PALOS VERDES, CA 90275. Full name of registrant(s) is (are) ZALAND GROUP, INC, 3801 PEACOCK RIDGE RD. #203, RANCHO PALOS VERDES, CA 90275. This Business is conducted by: A CORPORATION. Signed: MOSHKIKHAVAR LKHAMSUREN. This statement was filed with the County Clerk of Los Angeles County on 10/25/2013. The registrant(s) has (have) commenced to transact business under the fictitious business name or names listed above on N/A. NOTICE: This Fictitious Name Statement expires five years from the date it was filed in the office of the County Clerk. A new Fictitious Business Name Statement must be filed prior to that date. The filing of this statement does not of itself authorize the use in this state of a Fictitious Business Name in violation of the rights of another under Federal, State, or common law (See section 14411 et seq. Business and Professions Code)Publish: Mountain Views News

Dates Pub: Oct. 26, November 02, 09, 16, 2013

FILE NO. 2013-221747

STATEMENT OF ABANDONMENT OF USE OF FICTITIOUS BUSINESS NAME

The following person(s) ROTHO PRAK, has/have abandoned the use of the fictitious business name: BUMBLEBEE DONUTS, 861 N. WILCOX AVE, MONTEBELLO, CA 90640. The fictitious business name referred to above was filed on 02/29/2012, in the county of Los Angeles. The original file number of 20120392862. The business was conducted by: AN INDIVIDUAL. Signed: ROTHO PRAK. This statement was filed with the County Clerk of Los Angeles on 10/24/2013. The business information in this statement is true and correct. (A registrant who declares as true information which he or she knows to be false, is guilty of a crime.) Publish: Mountain Views News

Dates Pub: Oct. 26, November 02, 09, 16, 2013

FILE NO. 2013-220678

STATEMENT OF ABANDONMENT OF USE OF FICTITIOUS BUSINESS NAME

The following person(s) JUN CHEN, has/have abandoned the use of the fictitious business name: RECHENG SERVICE CO., 223 E. GARVEY AVE, #238, MONTEREY PARK, CA 91754. The fictitious business name referred to above was filed on 08/18/2011, in the county of Los Angeles. The original file number of 20110914120. The business was conducted by: AN INDIVIDUAL. Signed: JUN CHEN. This statement was filed with the County Clerk of Los Angeles on 10/22/2013. The business information in this statement is true and correct. (A registrant who declares as true information which he or she knows to be false, is guilty of a crime.) Publish: Mountain Views News

Dates Pub: Oct. 26, November 02, 09, 16, 2013

FILE NO. 2013-219274

STATEMENT OF ABANDONMENT OF USE OF FICTITIOUS BUSINESS NAME

The following person(s) CHING-CHI CHOW, has/have abandoned the use of the fictitious business name: V STORE, 9227 FLAIR DR., EL MONTE, CA 91731. The fictitious business name referred to above was filed on 05/04/2012, in the county of Los Angeles. The original file number of 20120470138. The business was conducted by: AN INDIVIDUAL. Signed: CHING-CHI CHOW. This statement was filed with the County Clerk of Los Angeles on 10/22/2013. The business information in this statement is true and correct. (A registrant who declares as true information which he or she knows to be false, is guilty of a crime.) Publish: Mountain Views News

Dates Pub: Oct. 26, November 02, 09, 16, 2013

FICTITIOUS BUSINESS NAME STATEMENT

File No. 2013-215756

The following person(s) is (are) doing business as: ANABEKE EXPRESS, 10713 ELGERS ST., CERRITOS, CA 90703. Full name of registrant(s) is (are) ANGELA OFOEGBU, 10713 ELGERS ST., CERRITOS, CA 90703. This Business is conducted by: AN INDIVIDUAL. Signed: ANGELA OFOEGBU. This statement was filed with the County Clerk of Los Angeles County on 10/16/2013. The registrant(s) has (have) commenced to transact business under the fictitious business name or names listed above on N/A. NOTICE: This Fictitious Name Statement expires five years from the date it was filed in the office of the County Clerk. A new Fictitious Business Name Statement must be filed prior to that date. The filing of this statement does not of itself authorize the use in this state of a Fictitious Business Name in violation of the rights of another under Federal, State, or common law (See section 14411 et seq. Business and Professions Code)Publish: Mountain Views News

Dates Pub: Oct. 19, 26, November 02, 09, 2013

FICTITIOUS BUSINESS NAME STATEMENT

File No. 2013-212549

The following person(s) is (are) doing business as: AQUAWAX EXPRESS CARWASH, 1510 S. LA BREA AVE., L.A., CA 90019. Full name of registrant(s) is (are) SIMON HAFIZ KARKAFI, 921 MILES AVE., L.A., CA 90014, MICHAEL JAMES ANGLETTI, 8135 E. SANTA BARBARA DR., MANHATTAN BEACH, CA 90266. This Business is conducted by: A GENERAL PARTNERSHIP. Signed: SIMON HAFIZ KARKAFI. This statement was filed with the County Clerk of Los Angeles County on 10/11/2013. The registrant(s) has (have) commenced to transact business under the fictitious business name or names listed above on N/A. NOTICE: This Fictitious Name Statement expires five years from the date it was filed in the office of the County Clerk. A new Fictitious Business Name Statement must be filed prior to that date. The filing of this statement does not of itself authorize the use in this state of a Fictitious Business Name in violation of the rights of another under Federal, State, or common law (See section 14411 et seq. Business and Professions Code)Publish: Mountain Views News

Dates Pub: Oct. 19, 26, November 02, 09, 2013

FICTITIOUS BUSINESS NAME STATEMENT

File No. 2013-216786

The following person(s) is (are) doing business as: AV MINI MARKET, 822 S. BROADWAY, L.A., CA 90014. Full name of registrant(s) is (are) AURORA VELAZQUEZ, 10116 PALOMA AVE, L.A., CA 90002. This Business is conducted by: AN INDIVIDUAL. Signed: AURORA VELAZQUEZ. This statement was filed with the County Clerk of Los Angeles County on 10/17/2013. The registrant(s) has (have) commenced to transact business under the fictitious business name or names listed above on N/A. NOTICE: This Fictitious Name Statement expires five years from the date it was filed in the office of the County Clerk. A new Fictitious Business Name Statement must be filed prior to that date. The filing of this statement does not of itself authorize the use in this state of a Fictitious Business Name in violation of the rights of another under Federal, State, or common law (See section 14411 et seq. Business and Professions Code)Publish: Mountain Views News

Dates Pub: Oct. 19, 26, November 02, 09, 2013

FICTITIOUS BUSINESS NAME STATEMENT

File No. 2013-216344

The following person(s) is (are) doing business as: BLUE MOON BEDDING, 1060 PEARTREE ST., SANTA FE SPRINGS, CA 90670. Full name of registrant(s) is (are) ANTONIO MEDINA, LUZ MARIA SOTO, 11925 MCGEE DR., WHITTIER, CA 90606. This Business is conducted by: A GENERAL PARTNERSHIP. Signed: LUZ MARIA SOTO. This statement was filed with the County Clerk of Los Angeles County on 10/16/2013. The registrant(s) has (have) commenced to transact business under the fictitious business name or names listed above on N/A. NOTICE: This Fictitious Name Statement expires five years from the date it was filed in the office of the County Clerk. A new Fictitious Business Name Statement must be filed prior to that date. The filing of this statement does not of itself authorize the use in this state of a Fictitious Business Name in violation of the rights of another under Federal, State, or common law (See section 14411 et seq. Business and Professions Code)Publish: Mountain Views News

Dates Pub: Oct. 19, 26, November 02, 09, 2013

FICTITIOUS BUSINESS NAME STATEMENT

File No. 2013-213870

The following person(s) is (are) doing business as: BUSINESS SOLUTIONS GROUP, 8010 ARLINGTON AVE, RIVERSIDE, CA 92503. Full name of registrant(s) is (are) REGINALD PATTERSON, 19988 CHAMBERS AVE, RIVERSIDE, CA 92508. This Business is conducted by: AN INDIVIDUAL. Signed: REGINALD PATTERSON. This statement was filed with the County Clerk of Los Angeles County on 10/14/2013. The registrant(s) has (have) commenced to transact business under the fictitious business name or names listed above on 10/01/2013. NOTICE: This Fictitious Name Statement expires five years from the date it was filed in the office of the County Clerk. A new Fictitious Business Name Statement must be filed prior to that date. The filing of this statement does not of itself authorize the use in this state of a Fictitious Business Name in violation of the rights of another under Federal, State, or common law (See section 14411 et seq. Business and Professions Code)Publish: Mountain Views News

Dates Pub: Oct. 19, 26, November 02, 09, 2013

FICTITIOUS BUSINESS NAME STATEMENT

File No. 2013-214868

The following person(s) is (are) doing business as: C&E BAYOU BAR-B-QUE, 1127 CORTEZ AVE, LYNWOOD, CA 90262. Full name of registrant(s) is (are) CECILIA SLAUGHTER, 1127 CORTEZ AVE, LYNWOOD, CA 90262. This Business is conducted by: AN INDIVIDUAL. Signed: CECILIA SLAUGHTER. This statement was filed with the County Clerk of Los Angeles County on 10/15/2013. The registrant(s) has (have) commenced to transact business under the fictitious business name or names listed above on N/A. NOTICE: This Fictitious Name Statement expires five years from the date it was filed in the office of the County Clerk. A new Fictitious Business Name Statement must be filed prior to that date. The filing of this statement does not of itself authorize the use in this state of a Fictitious Business Name in violation of the rights of another under Federal, State, or common law (See section 14411 et seq. Business and Professions Code)Publish: Mountain Views News

Dates Pub: Oct. 19, 26, November 02, 09, 2013

FICTITIOUS BUSINESS NAME STATEMENT

File No. 2013-213345

The following person(s) is (are) doing business as: CASTILLO'S TRUCK TIRE REPAIR, 2436 ELLINDSIE AVE, SOUTH GATE, CA 90280. Full name of registrant(s) is (are) PEDRO CASTILLO, 2436 ELLINDSIE AVE, SOUTH GATE, CA 90280. This Business is conducted by: AN INDIVIDUAL. Signed: PEDRO CASTILLO. This statement was filed with the County Clerk of Los Angeles County on 10/11/2013. The registrant(s) has (have) commenced to transact business under the fictitious business name or names listed above on N/A. NOTICE: This Fictitious Name Statement expires five years from the date it was filed in the office of the County Clerk. A new Fictitious Business Name Statement must be filed prior to that date. The filing of this statement does not of itself authorize the use in this state of a Fictitious Business Name in violation of the rights of another under Federal, State, or common law (See section 14411 et seq. Business and Professions Code)Publish: Mountain Views News

Dates Pub: Oct. 19, 26, November 02, 09, 2013

FICTITIOUS BUSINESS NAME STATEMENT

File No. 2013-216851

The following person(s) is (are) doing business as: CATHOLIC & CO., 1200 ELM AVE, #2, SAN GABRIEL, CA 91776. Full name of registrant(s) is (are) VAULAP ALEXANDER CHAI, 11200 ELM AVE #2, SAN GABRIEL, CA 91776. This Business is conducted by: AN INDIVIDUAL. Signed: VAULAP ALEXANDER CHAI. This statement was filed with the County Clerk of Los Angeles County on 10/17/2013. The registrant(s) has (have) commenced to transact business under the fictitious business name or names listed above on N/A. NOTICE: This Fictitious Name Statement expires five years from the date it was filed in the office of the County Clerk. A new Fictitious Business Name Statement must be filed prior to that date. The filing of this statement does not of itself authorize the use in this state of a Fictitious Business Name in violation of the rights of another under Federal, State, or common law (See section 14411 et seq. Business and Professions Code)Publish: Mountain Views News

Dates Pub: Oct. 19, 26, November 02, 09, 2013

FICTITIOUS BUSINESS NAME STATEMENT

File No. 2013-218219

The following person(s) is (are) doing business as: CHARISMA DESIGN, THE EVENT SUITE, THE EDUCATION SUITE, 4972 E. STEARNS ST., LONG BEACH, CA 90815. Full name of registrant(s) is (are) CAZONRA JAMIE, 4972 E. STEARNS ST., LONG BEACH, CA 90815. This Business is conducted by: AN INDIVIDUAL. Signed: CAZONRA JAMIE. This statement was filed with the County Clerk of Los Angeles County on 10/18/2013. The registrant(s) has (have) commenced to transact business under the fictitious business name or names listed above on N/A. NOTICE: This Fictitious Name Statement expires five years from the date it was filed in the office of the County Clerk. A new Fictitious Business Name Statement must be filed prior to that date. The filing of this statement does not of itself authorize the use in this state of a Fictitious Business Name in violation of the rights of another under Federal, State, or common law (See section 14411 et seq. Business and Professions Code)Publish: Mountain Views News

Dates Pub: Oct. 19, 26, November 02, 09, 2013

FICTITIOUS BUSINESS NAME STATEMENT

File No. 2013-213272

The following person(s) is (are) doing business as: CHAVEZ FOOD DISTRIBUTOR, 3735 ATLANTIC AVE, ST. #1, CUDAHY, CA 90201. Full name of registrant(s) is (are) ANDRES CHAVEZ RIVERA, 3735 ATLANTIC AVE, ST. #1, CUDAHY, CA 90201. This Business is conducted by: AN INDIVIDUAL. Signed: ANDRES CHAVEZ RIVERA. This statement was filed with the County Clerk of Los Angeles County on 10/11/2013. The registrant(s) has (have) commenced to transact business under the fictitious business name or names listed above on N/A. NOTICE: This Fictitious Name Statement expires five years from the date it was filed in the office of the County Clerk. A new Fictitious Business Name Statement must be filed prior to that date. The filing of this statement does not of itself authorize the use in this state of a Fictitious Business Name in violation of the rights of another under Federal, State, or common law (See section 14411 et seq. Business and Professions Code)Publish: Mountain Views News

Dates Pub: Oct. 19, 26, November 02, 09, 2013

FICTITIOUS BUSINESS NAME STATEMENT

File No. 2013-218424

The following person(s) is (are) doing business as: CINDY'S BRIDAL, 3083 PACIFIC COAST HWY, TORRANCE, CA 90505. Full name of registrant(s) is (are) TSAI HUANG CHIN, 10449 S. WESTERN AVE #38, GARDENA, CA 90247. This Business is conducted by: AN INDIVIDUAL. Signed: TSAI HUANG CHIN. This statement was filed with the County Clerk of Los Angeles County on 10/18/2013. The registrant(s) has (have) commenced to transact business under the fictitious business name or names listed above on N/A. NOTICE: This Fictitious Name Statement expires five years from the date it was filed in the office of the County Clerk. A new Fictitious Business Name Statement must be filed prior to that date. The filing of this statement does not of itself authorize the use in this state of a Fictitious Business Name in violation of the rights of another under Federal, State, or common law (See section 14411 et seq. Business and Professions Code)Publish: Mountain Views News

Dates Pub: Oct. 19, 26, November 02, 09, 2013

FICTITIOUS BUSINESS NAME STATEMENT

File No. 2013-214960

The following person(s) is (are) doing business as: COMPLETE JANITORIAL MAINTENANCE SERVICE, 15327 OSAGE AVE, LAWNDALE, CA 90260. Full name of registrant(s) is (are) ELIZABETH BERNABA, 15327 OSAGE AVE, LAWNDALE, CA 90260. This Business is conducted by: AN INDIVIDUAL. Signed: ELIZABETH BERNABA. This statement was filed with the County Clerk of Los Angeles County on 10/15/2013. The registrant(s) has (have) commenced to transact business under the fictitious business name or names listed above on 10/15/2013. NOTICE: This Fictitious Name Statement expires five years from the date it was filed in the office of the County Clerk. A new Fictitious Business Name Statement must be filed prior to that date. The filing of this statement does not of itself authorize the use in this state of a Fictitious Business Name in violation of the rights of another under Federal, State, or common law (See section 14411 et seq. Business and Professions Code)Publish: Mountain Views News

Dates Pub: Oct. 19, 26, November 02, 09, 2013

FICTITIOUS BUSINESS NAME STATEMENT

File No. 2013-216864

The following person(s) is (are) doing business as: CREATIVE CONSTRUCTION CO., 15523 SONNET PL, HACIENDA HTS, CA 91745. Full name of registrant(s) is (are) BEATRIZ BARCELO BOYKER, 15523 SONNET PL, HACIENDA HTS, CA 91745, RAFAEL GARCIA, 1550 S. STATE COLLEGE BLVD., ANAHEIM, CA 92806. This Business is conducted by: CO-PARTNERS. Signed: BEATRIZ BARCELO BOYKER. This statement was filed with the County Clerk of Los Angeles County on 10/17/2013. The registrant(s) has (have) commenced to transact business under the fictitious business name or names listed above on N/A. NOTICE: This Fictitious Name Statement expires five years from the date it was filed in the office of the County Clerk. A new Fictitious Business Name Statement must be filed prior to that date. The filing of this statement does not of itself authorize the use in this state of a Fictitious Business Name in violation of the rights of another under Federal, State, or common law (See section 14411 et seq. Business and Professions Code)Publish: Mountain Views News

Dates Pub: Oct. 19, 26, November 02, 09, 2013

FICTITIOUS BUSINESS NAME STATEMENT

File No. 2013-214897

The following person(s) is (are) doing business as: DAVID N. TRANSPORT, 315 ORANGE PL, PASEO #400, PASADENA, CA 91101. Full name of registrant(s) is (are) DAVID KALENDJIAN, 315 ORANGE PL, PASADENA, CA 91101. This Business is conducted by: AN INDIVIDUAL. Signed: DAVID KALENDJIAN. This statement was filed with the County Clerk of Los Angeles County on 10/15/2013. The registrant(s) has (have) commenced to transact business under the fictitious business name or names listed above on 11/15/2006. NOTICE: This Fictitious Name Statement expires five years from the date it was filed in the office of the County Clerk. A new Fictitious Business Name Statement must be filed prior to that date. The filing of this statement does not of itself authorize the use in this state of a Fictitious Business Name in violation of the rights of another under Federal, State, or common law (See section 14411 et seq. Business and Professions Code)Publish: Mountain Views News

Dates Pub: Oct. 19, 26, November 02, 09, 2013

FICTITIOUS BUSINESS NAME STATEMENT

File No. 2013-214207

The following person(s) is (are) doing business as: DO YOU KNOW YOUR COFFEE SHOP, 3654 E. CESAR E. CHAVEZ AVE., L.A., CA 90063. Full name of registrant(s) is (are) SAHARA LOZORNIO ANDRADE, ALICIA LOZORNIO ANDRADE, 274 S. LA FAYETTE PARK PL. #138, L.A., CA 90057. This Business is conducted by: A GENERAL PARTNERSHIP. Signed: SAHARA LOZORNIO ANDRADE. This statement was filed with the County Clerk of Los Angeles County on 10/15/2013. The registrant(s) has (have) commenced to transact business under the fictitious business name or names listed above on N/A. NOTICE: This Fictitious Name Statement expires five years from the date it was filed in the office of the County Clerk. A new Fictitious Business Name Statement must be filed prior to that date. The filing of this statement does not of itself authorize the use in this state of a Fictitious Business Name in violation of the rights of another under Federal, State, or common law (See section 14411 et seq. Business and Professions Code)Publish: Mountain Views News

Dates Pub: Oct. 19, 26, November 02, 09, 2013

FICTITIOUS BUSINESS NAME STATEMENT

File No. 2013-218250

The following person(s) is (are) doing business as: DREAMERS AUTO SALES, 8449 S. MAIN ST., L.A., CA 90003. Full name of registrant(s) is (are) VICTOR ALONSO CORONA ROSALES, 8449 S. MAIN ST., L.A., CA 90003. This Business is conducted by: AN INDIVIDUAL. Signed: VICTOR ALONSO CORONA ROSALES. This statement was filed with the County Clerk of Los Angeles County on 10/18/2013.

Mountain Views News 80 W Sierra Madre Blvd. No. 327 Sierra Madre, Ca. 91024 Office: 626.355.2737 Fax: 626.609.3285 Email: editor@mtnviewsnews.com Website: www.mtnviewsnews.com
